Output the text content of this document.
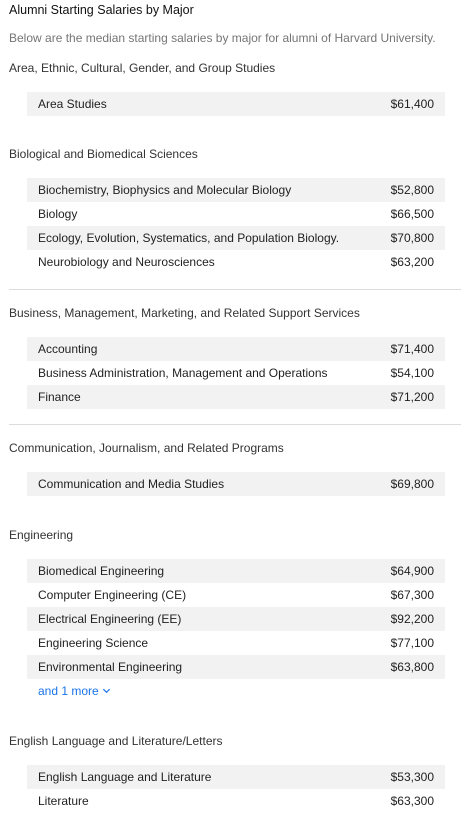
Alumni Starting Salaries by Major
Below are the median starting salaries by major for alumni of Harvard University.
Area, Ethnic, Cultural, Gender, and Group Studies
Area Studies	$61,400
Biological and Biomedical Sciences
Biochemistry, Biophysics and Molecular Biology	$52,800
Biology	$66,500
Ecology, Evolution, Systematics, and Population Biology.	$70,800
Neurobiology and Neurosciences	$63,200
Business, Management, Marketing, and Related Support Services
Accounting	$71,400
Business Administration, Management and Operations	$54,100
Finance	$71,200
Communication, Journalism, and Related Programs
Communication and Media Studies	$69,800
Engineering
Biomedical Engineering	$64,900
Computer Engineering (CE)	$67,300
Electrical Engineering (EE)	$92,200
Engineering Science	$77,100
Environmental Engineering	$63,800
and 1 more
English Language and Literature/Letters
English Language and Literature	$53,300
Literature	$63,300
